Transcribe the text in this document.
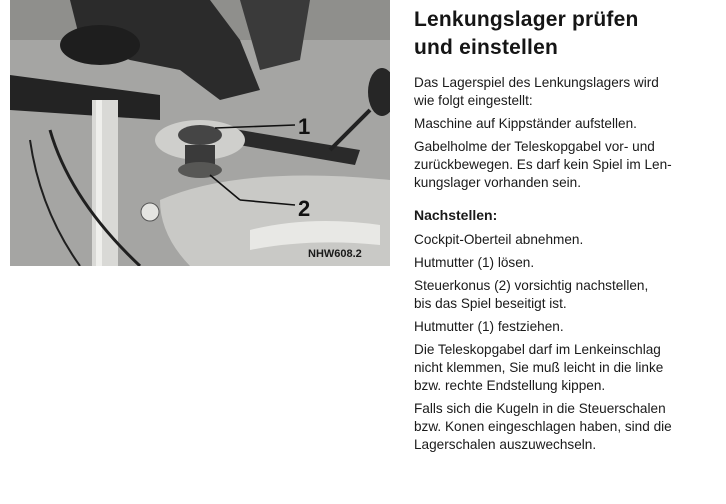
1
2
NHW608.2
Lenkungslager prüfen
und einstellen

Das Lagerspiel des Lenkungslagers wird
wie folgt eingestellt:

Maschine auf Kippständer aufstellen.

Gabelholme der Teleskopgabel vor- und
zurückbewegen. Es darf kein Spiel im Len-
kungslager vorhanden sein.

Nachstellen:

Cockpit-Oberteil abnehmen.

Hutmutter (1) lösen.

Steuerkonus (2) vorsichtig nachstellen,
bis das Spiel beseitigt ist.

Hutmutter (1) festziehen.

Die Teleskopgabel darf im Lenkeinschlag
nicht klemmen, Sie muß leicht in die linke
bzw. rechte Endstellung kippen.

Falls sich die Kugeln in die Steuerschalen
bzw. Konen eingeschlagen haben, sind die
Lagerschalen auszuwechseln.
